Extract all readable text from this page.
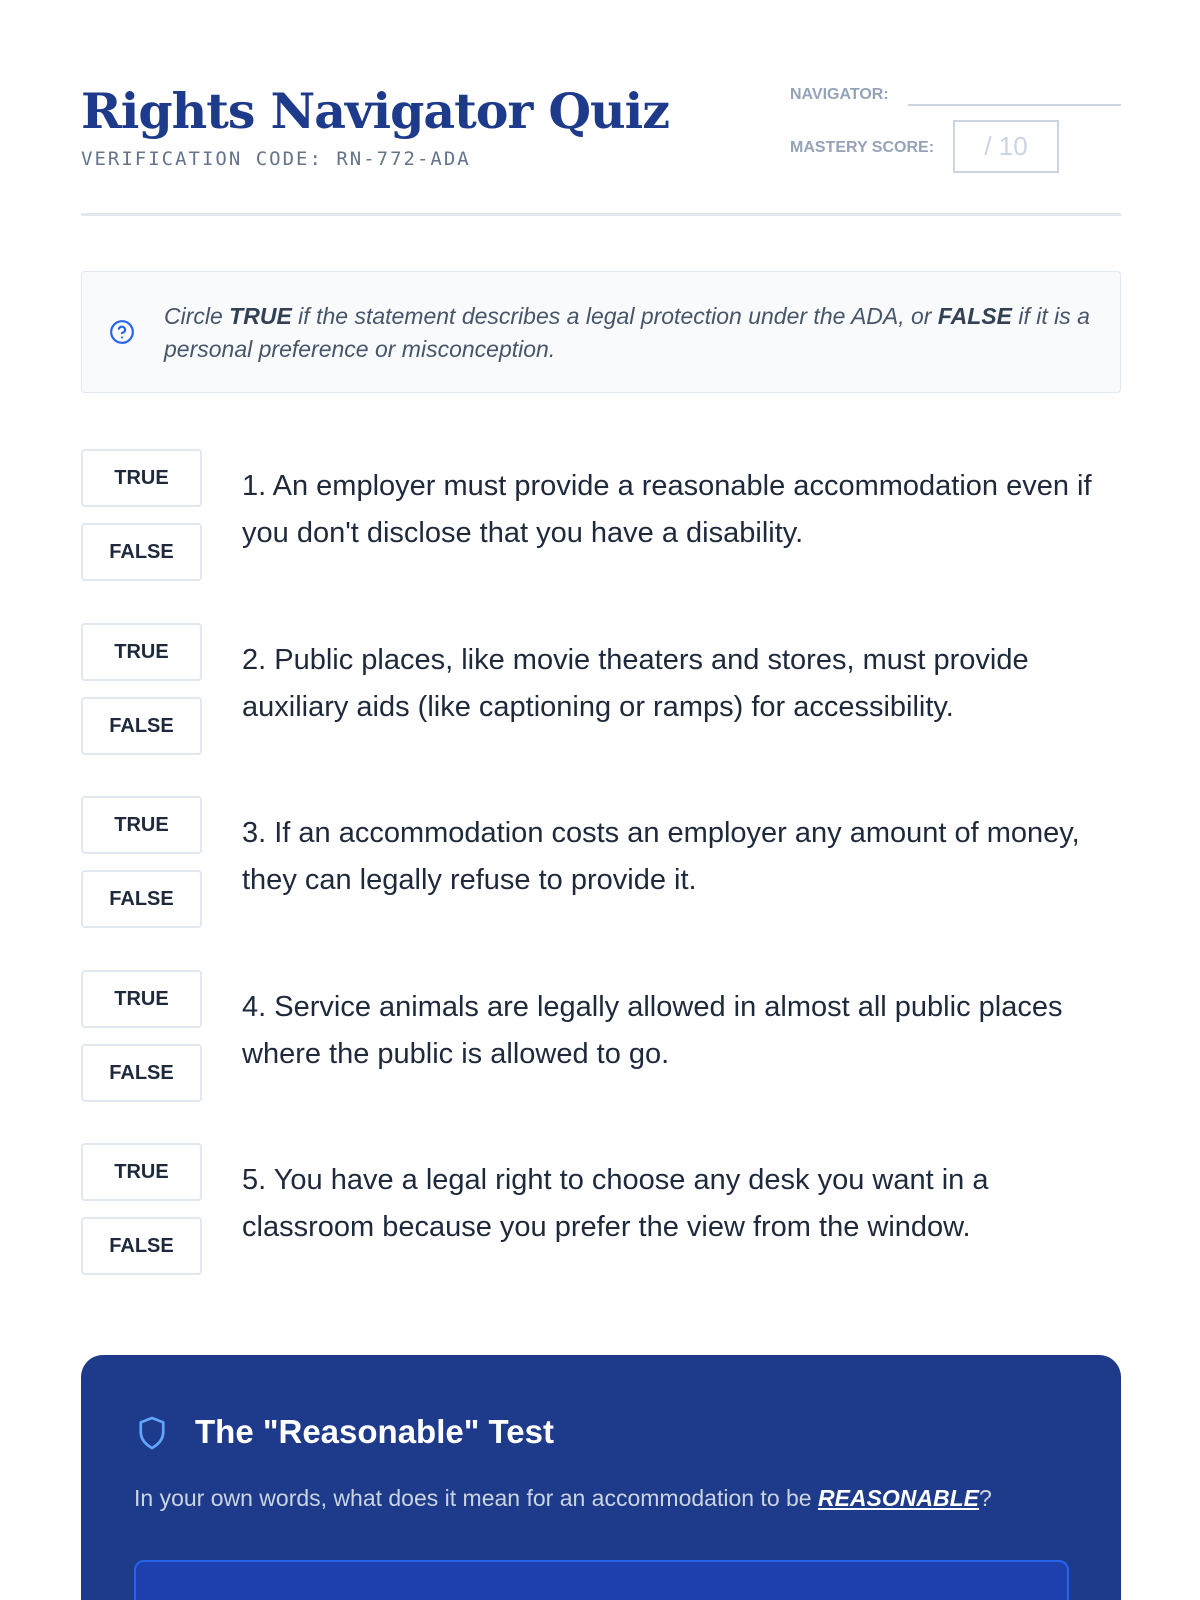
Rights Navigator Quiz
VERIFICATION CODE: RN-772-ADA
NAVIGATOR:
MASTERY SCORE:	/ 10
Circle TRUE if the statement describes a legal protection under the ADA, or FALSE if it is a personal preference or misconception.
TRUE
FALSE
1. An employer must provide a reasonable accommodation even if you don't disclose that you have a disability.
TRUE
FALSE
2. Public places, like movie theaters and stores, must provide auxiliary aids (like captioning or ramps) for accessibility.
TRUE
FALSE
3. If an accommodation costs an employer any amount of money, they can legally refuse to provide it.
TRUE
FALSE
4. Service animals are legally allowed in almost all public places where the public is allowed to go.
TRUE
FALSE
5. You have a legal right to choose any desk you want in a classroom because you prefer the view from the window.
The "Reasonable" Test
In your own words, what does it mean for an accommodation to be REASONABLE?
